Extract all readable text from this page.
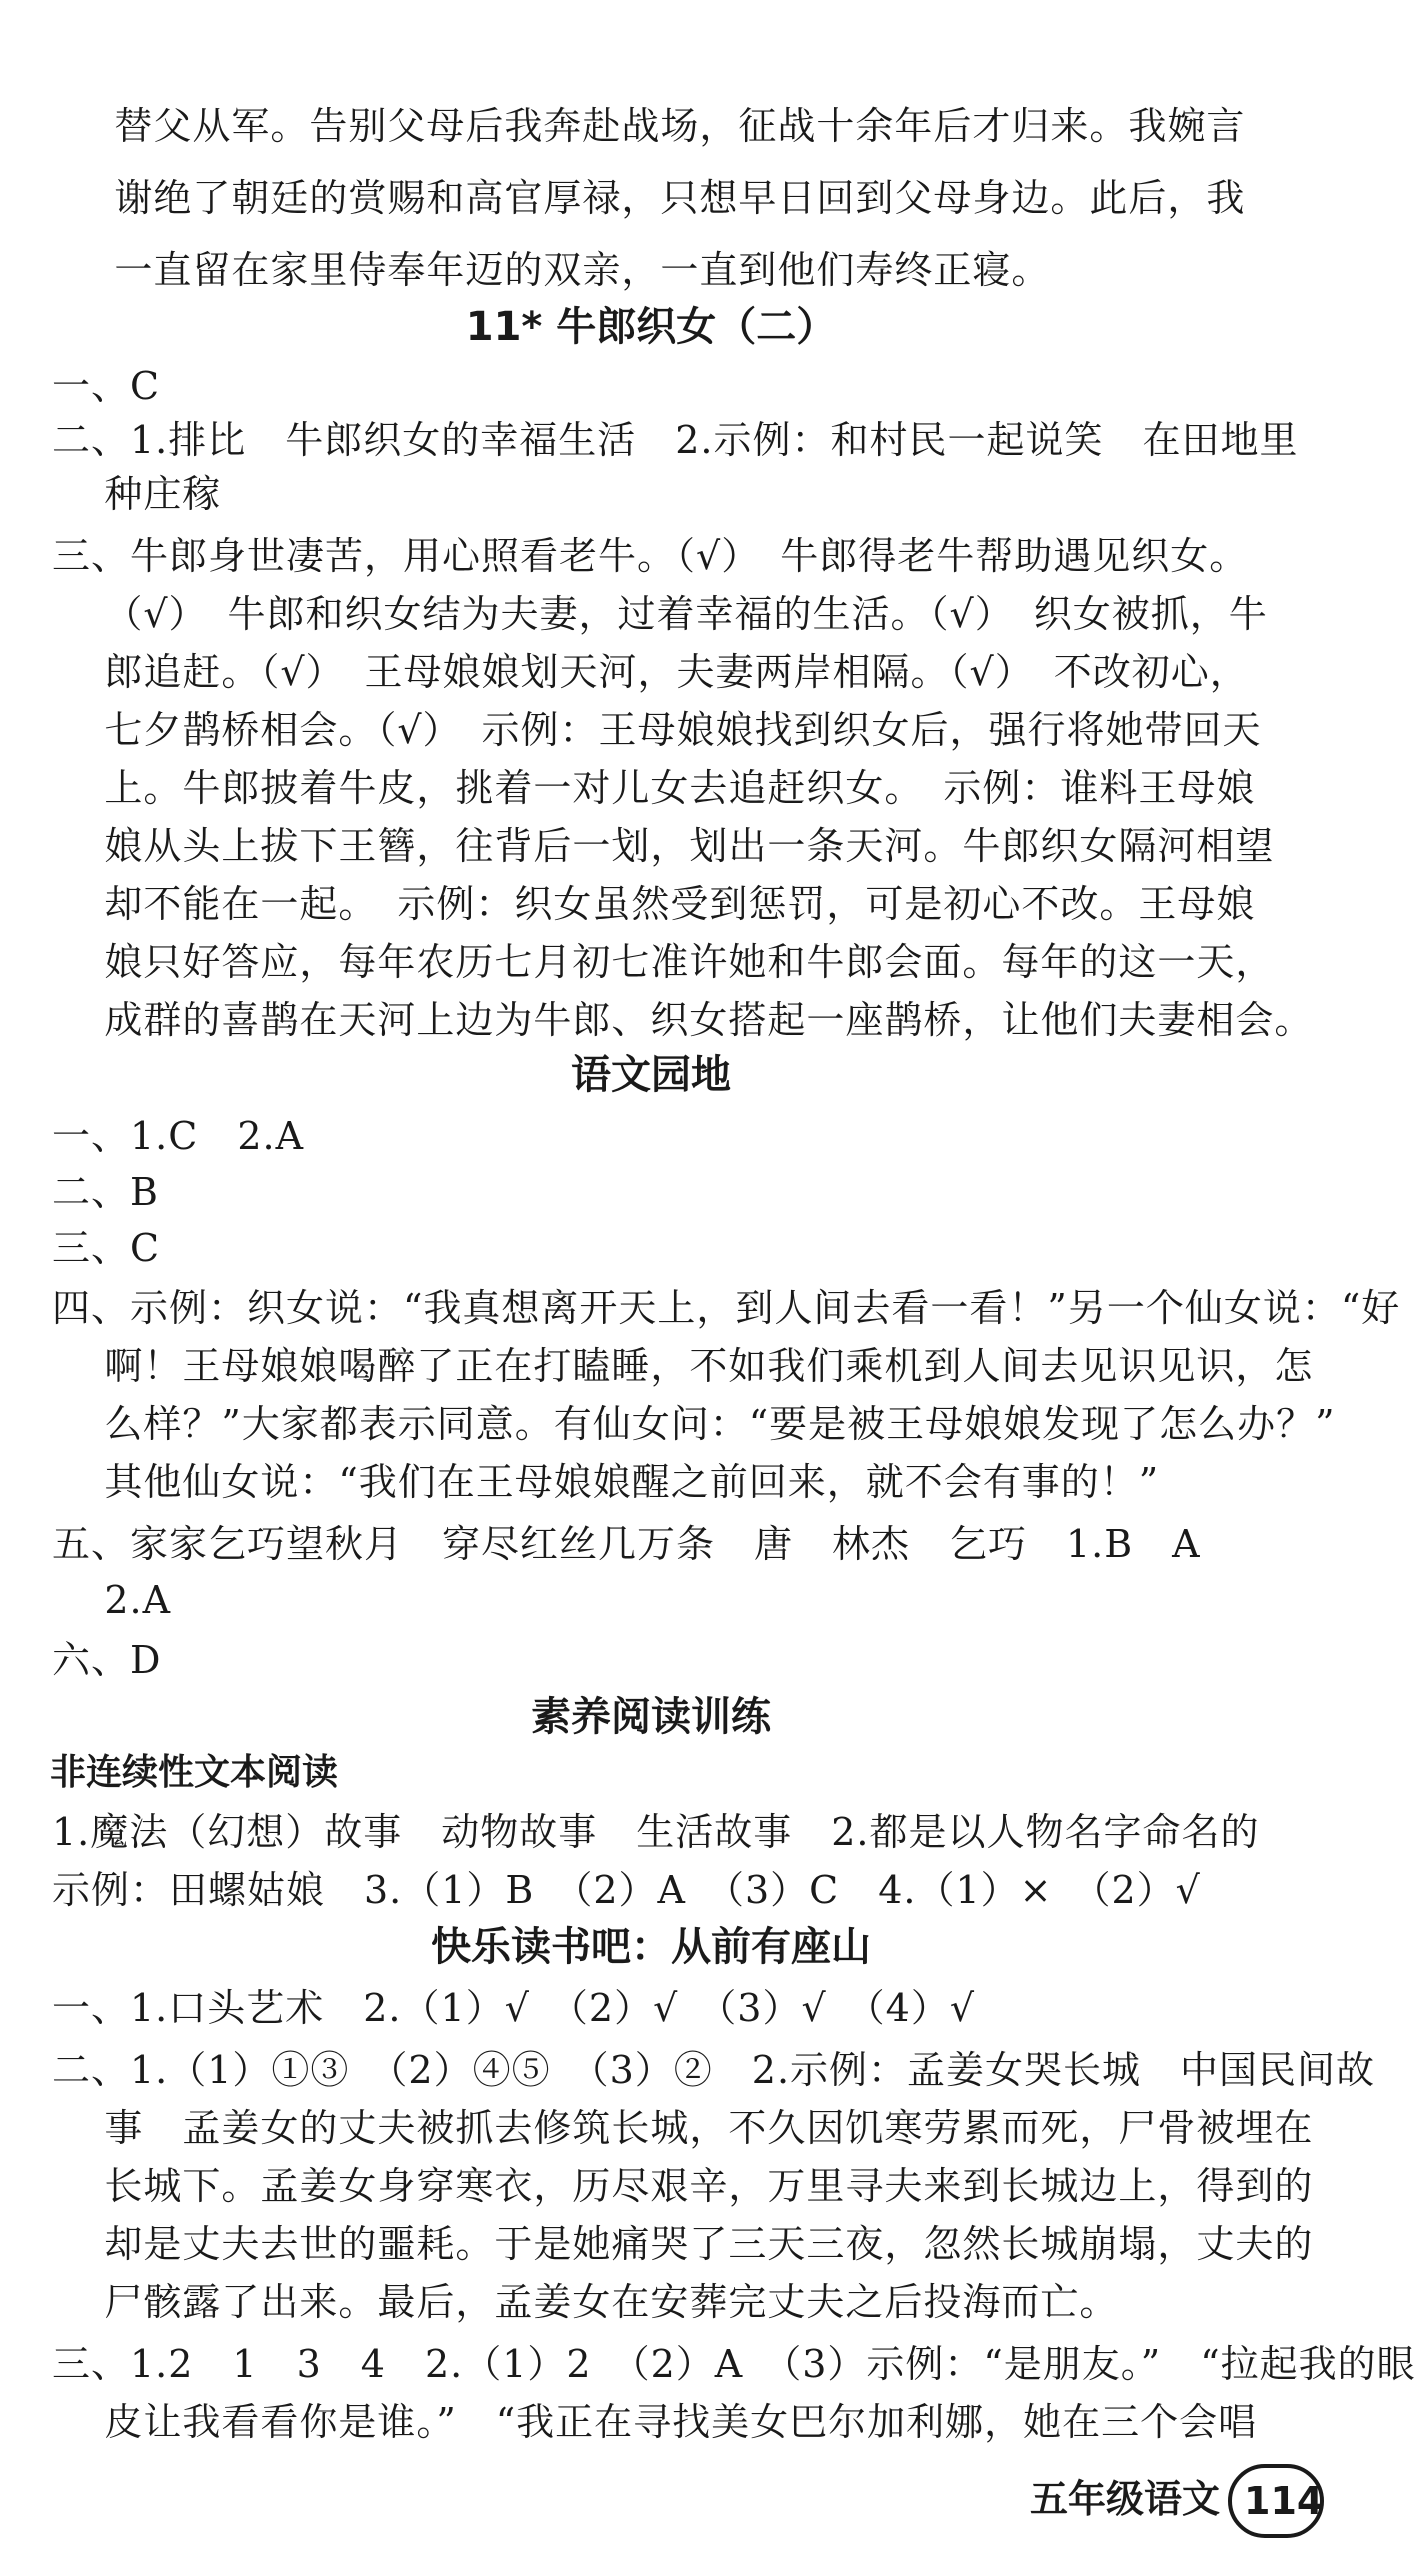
替父从军。告别父母后我奔赴战场，征战十余年后才归来。我婉言
谢绝了朝廷的赏赐和高官厚禄，只想早日回到父母身边。此后，我
一直留在家里侍奉年迈的双亲，一直到他们寿终正寝。
11* 牛郎织女（二）
一、C
二、1.排比　牛郎织女的幸福生活　2.示例：和村民一起说笑　在田地里
种庄稼
三、牛郎身世凄苦，用心照看老牛。（√）　牛郎得老牛帮助遇见织女。
（√）　牛郎和织女结为夫妻，过着幸福的生活。（√）　织女被抓，牛
郎追赶。（√）　王母娘娘划天河，夫妻两岸相隔。（√）　不改初心，
七夕鹊桥相会。（√）　示例：王母娘娘找到织女后，强行将她带回天
上。牛郎披着牛皮，挑着一对儿女去追赶织女。　示例：谁料王母娘
娘从头上拔下王簪，往背后一划，划出一条天河。牛郎织女隔河相望
却不能在一起。　示例：织女虽然受到惩罚，可是初心不改。王母娘
娘只好答应，每年农历七月初七准许她和牛郎会面。每年的这一天，
成群的喜鹊在天河上边为牛郎、织女搭起一座鹊桥，让他们夫妻相会。
语文园地
一、1.C　2.A
二、B
三、C
四、示例：织女说：“我真想离开天上，到人间去看一看！”另一个仙女说：“好
啊！王母娘娘喝醉了正在打瞌睡，不如我们乘机到人间去见识见识，怎
么样？”大家都表示同意。有仙女问：“要是被王母娘娘发现了怎么办？”
其他仙女说：“我们在王母娘娘醒之前回来，就不会有事的！”
五、家家乞巧望秋月　穿尽红丝几万条　唐　林杰　乞巧　1.B　A
2.A
六、D
素养阅读训练
非连续性文本阅读
1.魔法（幻想）故事　动物故事　生活故事　2.都是以人物名字命名的
示例：田螺姑娘　3.（1）B　（2）A　（3）C　4.（1）×　（2）√
快乐读书吧：从前有座山
一、1.口头艺术　2.（1）√　（2）√　（3）√　（4）√
二、1.（1）①③　（2）④⑤　（3）②　2.示例：孟姜女哭长城　中国民间故
事　孟姜女的丈夫被抓去修筑长城，不久因饥寒劳累而死，尸骨被埋在
长城下。孟姜女身穿寒衣，历尽艰辛，万里寻夫来到长城边上，得到的
却是丈夫去世的噩耗。于是她痛哭了三天三夜，忽然长城崩塌，丈夫的
尸骸露了出来。最后，孟姜女在安葬完丈夫之后投海而亡。
三、1.2　1　3　4　2.（1）2　（2）A　（3）示例：“是朋友。”　“拉起我的眼
皮让我看看你是谁。”　“我正在寻找美女巴尔加利娜，她在三个会唱
五年级语文 114
